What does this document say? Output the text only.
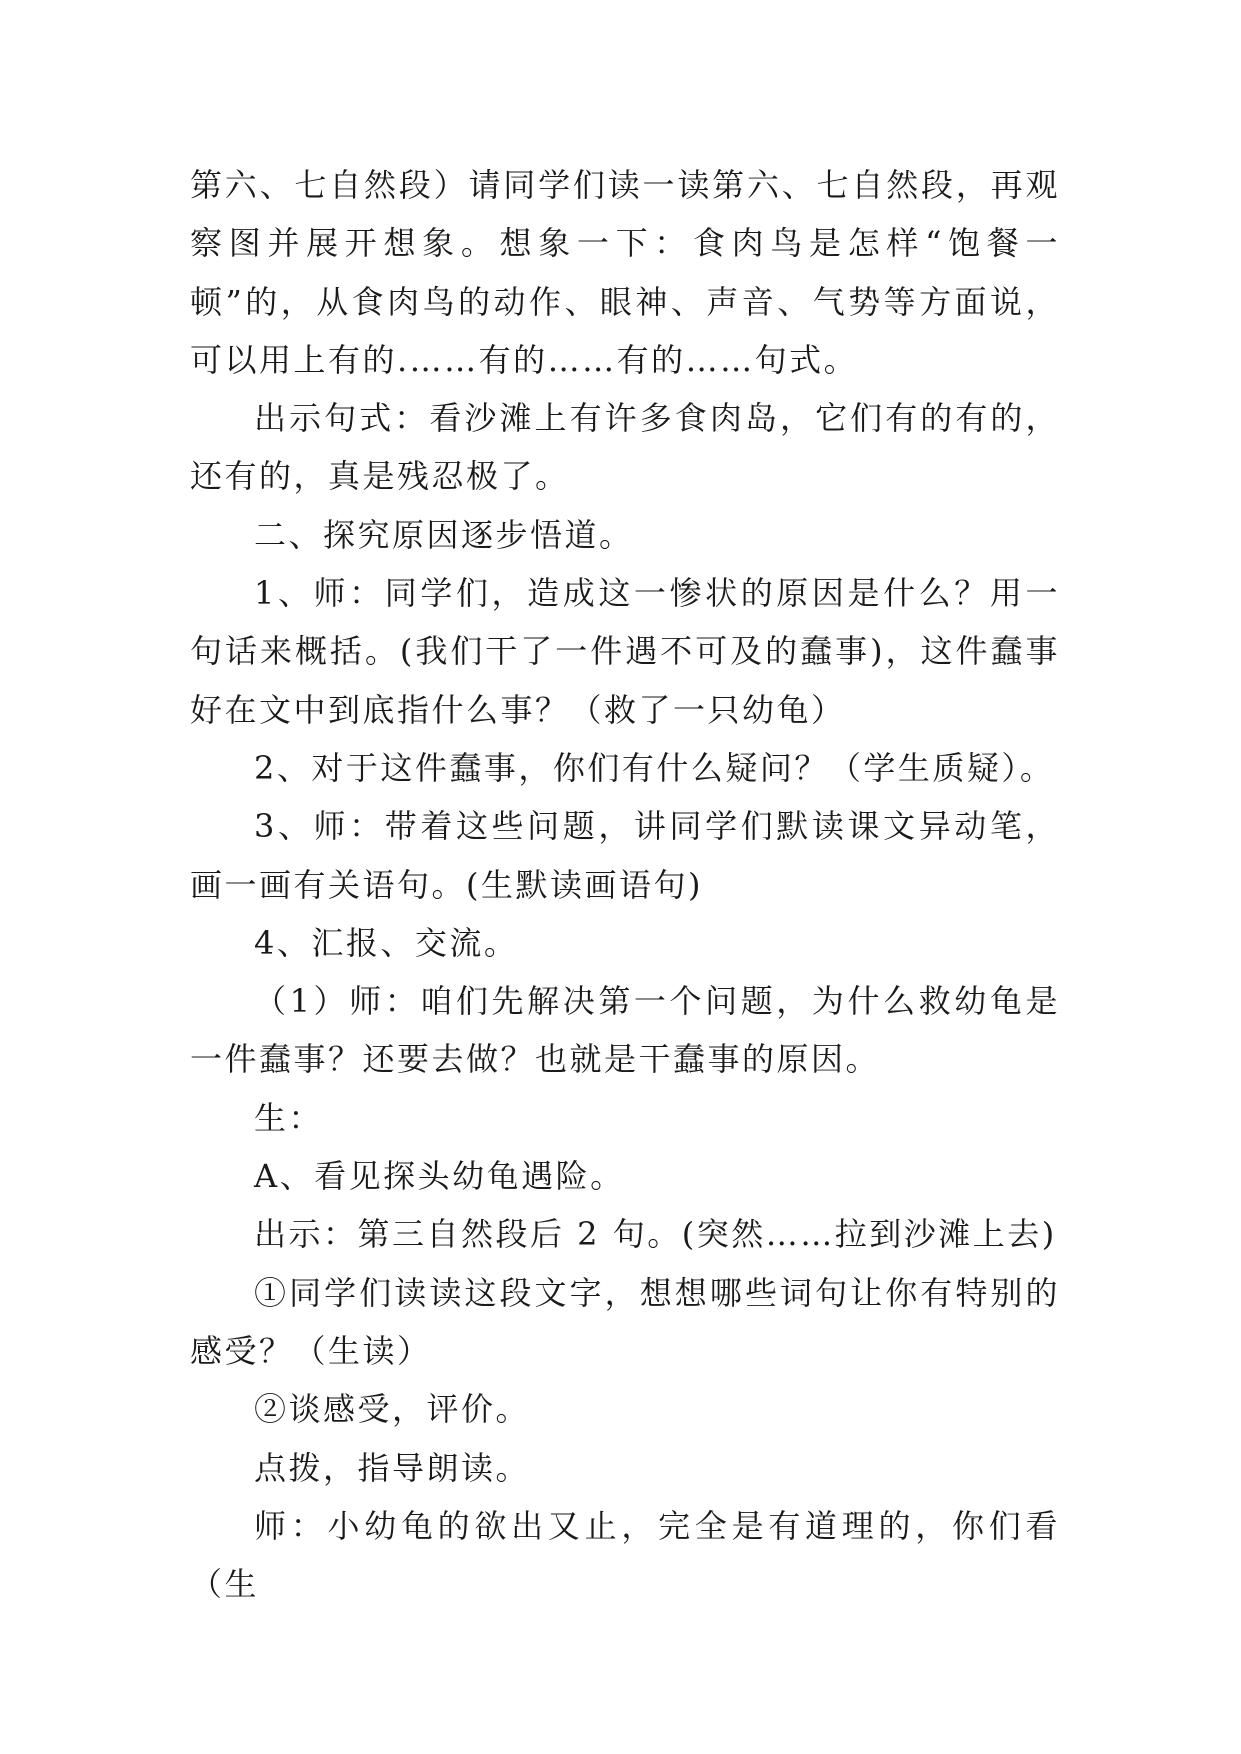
第六、七自然段）请同学们读一读第六、七自然段，再观察图并展开想象。想象一下：食肉鸟是怎样“饱餐一顿”的，从食肉鸟的动作、眼神、声音、气势等方面说，可以用上有的.……有的……有的……句式。

出示句式：看沙滩上有许多食肉岛，它们有的有的，还有的，真是残忍极了。

二、探究原因逐步悟道。

1、师：同学们，造成这一惨状的原因是什么？用一句话来概括。(我们干了一件遇不可及的蠢事)，这件蠢事好在文中到底指什么事？（救了一只幼龟）

2、对于这件蠢事，你们有什么疑问？（学生质疑）。

3、师：带着这些问题，讲同学们默读课文异动笔，画一画有关语句。(生默读画语句)

4、汇报、交流。

（1）师：咱们先解决第一个问题，为什么救幼龟是一件蠢事？还要去做？也就是干蠢事的原因。

生：

A、看见探头幼龟遇险。

出示：第三自然段后 2 句。(突然……拉到沙滩上去)

①同学们读读这段文字，想想哪些词句让你有特别的感受？（生读）

②谈感受，评价。

点拨，指导朗读。

师：小幼龟的欲出又止，完全是有道理的，你们看（生
